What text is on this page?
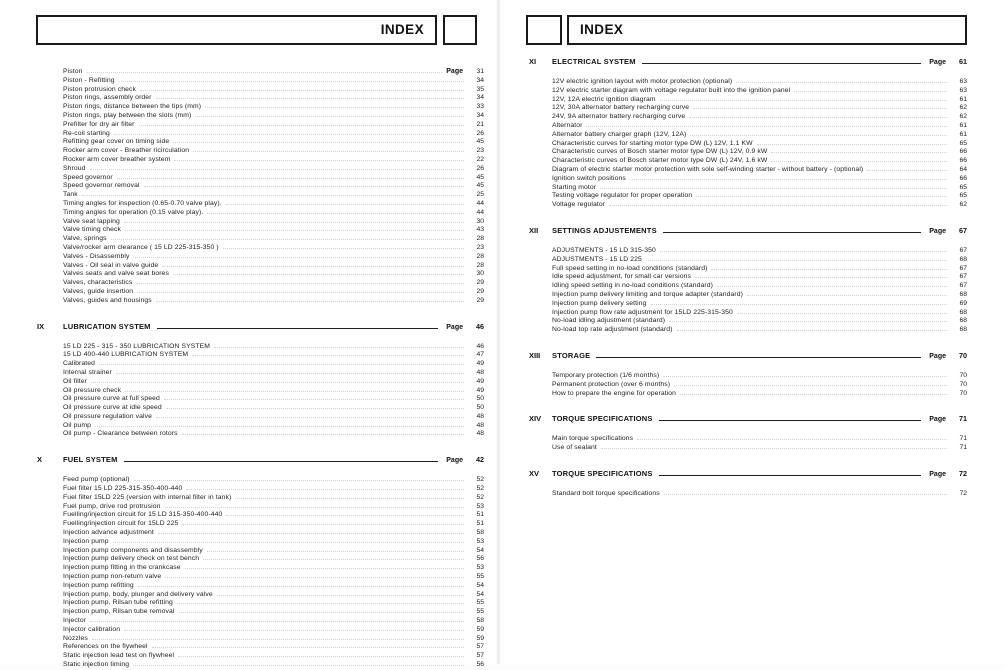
INDEX
Piston	Page	31
Piston - Refitting	34
Piston protrusion check	35
Piston rings, assembly order	34
Piston rings, distance between the tips (mm)	33
Piston rings, play between the slots (mm)	34
Prefilter for dry air filter	21
Re-coil starting	26
Refitting gear cover on timing side	45
Rocker arm cover - Breather ricirculation	23
Rocker arm cover breather system	22
Shroud	26
Speed governor	45
Speed governor removal	45
Tank	25
Timing angles for inspection (0.65-0.70 valve play).	44
Timing angles for operation (0.15 valve play).	44
Valve seat lapping	30
Valve timing check	43
Valve, springs	28
Valve/rocker arm clearance ( 15 LD 225-315-350 )	23
Valves - Disassembly	28
Valves - Oil seal in valve guide	28
Valves seats and valve seat bores	30
Valves, characteristics	29
Valves, guide insertion	29
Valves, guides and housings	29
IX	LUBRICATION SYSTEM	Page	46
15 LD 225 - 315 - 350 LUBRICATION SYSTEM	46
15 LD 400-440 LUBRICATION SYSTEM	47
Calibrated	49
Internal strainer	48
Oil filter	49
Oil pressure check	49
Oil pressure curve at full speed	50
Oil pressure curve at idle speed	50
Oil pressure regulation valve	48
Oil pump	48
Oil pump - Clearance between rotors	48
X	FUEL SYSTEM	Page	42
Feed pump (optional)	52
Fuel filter 15 LD 225-315-350-400-440	52
Fuel filter 15LD 225 (version with internal filter in tank)	52
Fuel pump, drive rod protrusion	53
Fuelling/injection circuit for 15 LD 315-350-400-440	51
Fuelling/injection circuit for 15LD 225	51
Injection advance adjustment	58
Injection pump	53
Injection pump components and disassembly	54
Injection pump delivery check on test bench	56
Injection pump fitting in the crankcase	53
Injection pump non-return valve	55
Injection pump refitting	54
Injection pump, body, plunger and delivery valve	54
Injection pump, Rilsan tube refitting	55
Injection pump, Rilsan tube removal	55
Injector	58
Injector calibration	59
Nozzles	59
References on the flywheel	57
Static injection lead test on flywheel	57
Static injection timing	56
INDEX
XI	ELECTRICAL SYSTEM	Page	61
12V electric ignition layout with motor protection (optional)	63
12V electric starter diagram with voltage regulator built into the ignition panel	63
12V, 12A electric ignition diagram	61
12V, 30A alternator battery recharging curve	62
24V, 9A alternator battery recharging curve	62
Alternator	61
Alternator battery charger graph (12V, 12A)	61
Characteristic curves for starting motor type DW (L) 12V, 1.1 KW	65
Characteristic curves of Bosch starter motor type DW (L) 12V, 0.9 kW	66
Characteristic curves of Bosch starter motor type DW (L) 24V, 1.6 kW	66
Diagram of electric starter motor protection with sole self-winding starter - without battery - (optional)	64
Ignition switch positions	66
Starting motor	65
Testing voltage regulator for proper operation	65
Voltage regulator	62
XII	SETTINGS ADJUSTEMENTS	Page	67
ADJUSTMENTS - 15 LD 315-350	67
ADJUSTMENTS - 15 LD 225	68
Full speed setting in no-load conditions (standard)	67
Idle speed adjustment, for small car versions	67
Idling speed setting in no-load conditions (standard)	67
Injection pump delivery limiting and torque adapter (standard)	68
Injection pump delivery setting	69
Injection pump flow rate adjustment for 15LD 225-315-350	68
No-load idling adjustment (standard)	68
No-load top rate adjustment (standard)	68
XIII	STORAGE	Page	70
Temporary protection (1/6 months)	70
Permanent protection (over 6 months)	70
How to prepare the engine for operation	70
XIV	TORQUE SPECIFICATIONS	Page	71
Main torque specifications	71
Use of sealant	71
XV	TORQUE SPECIFICATIONS	Page	72
Standard bolt torque specifications	72
